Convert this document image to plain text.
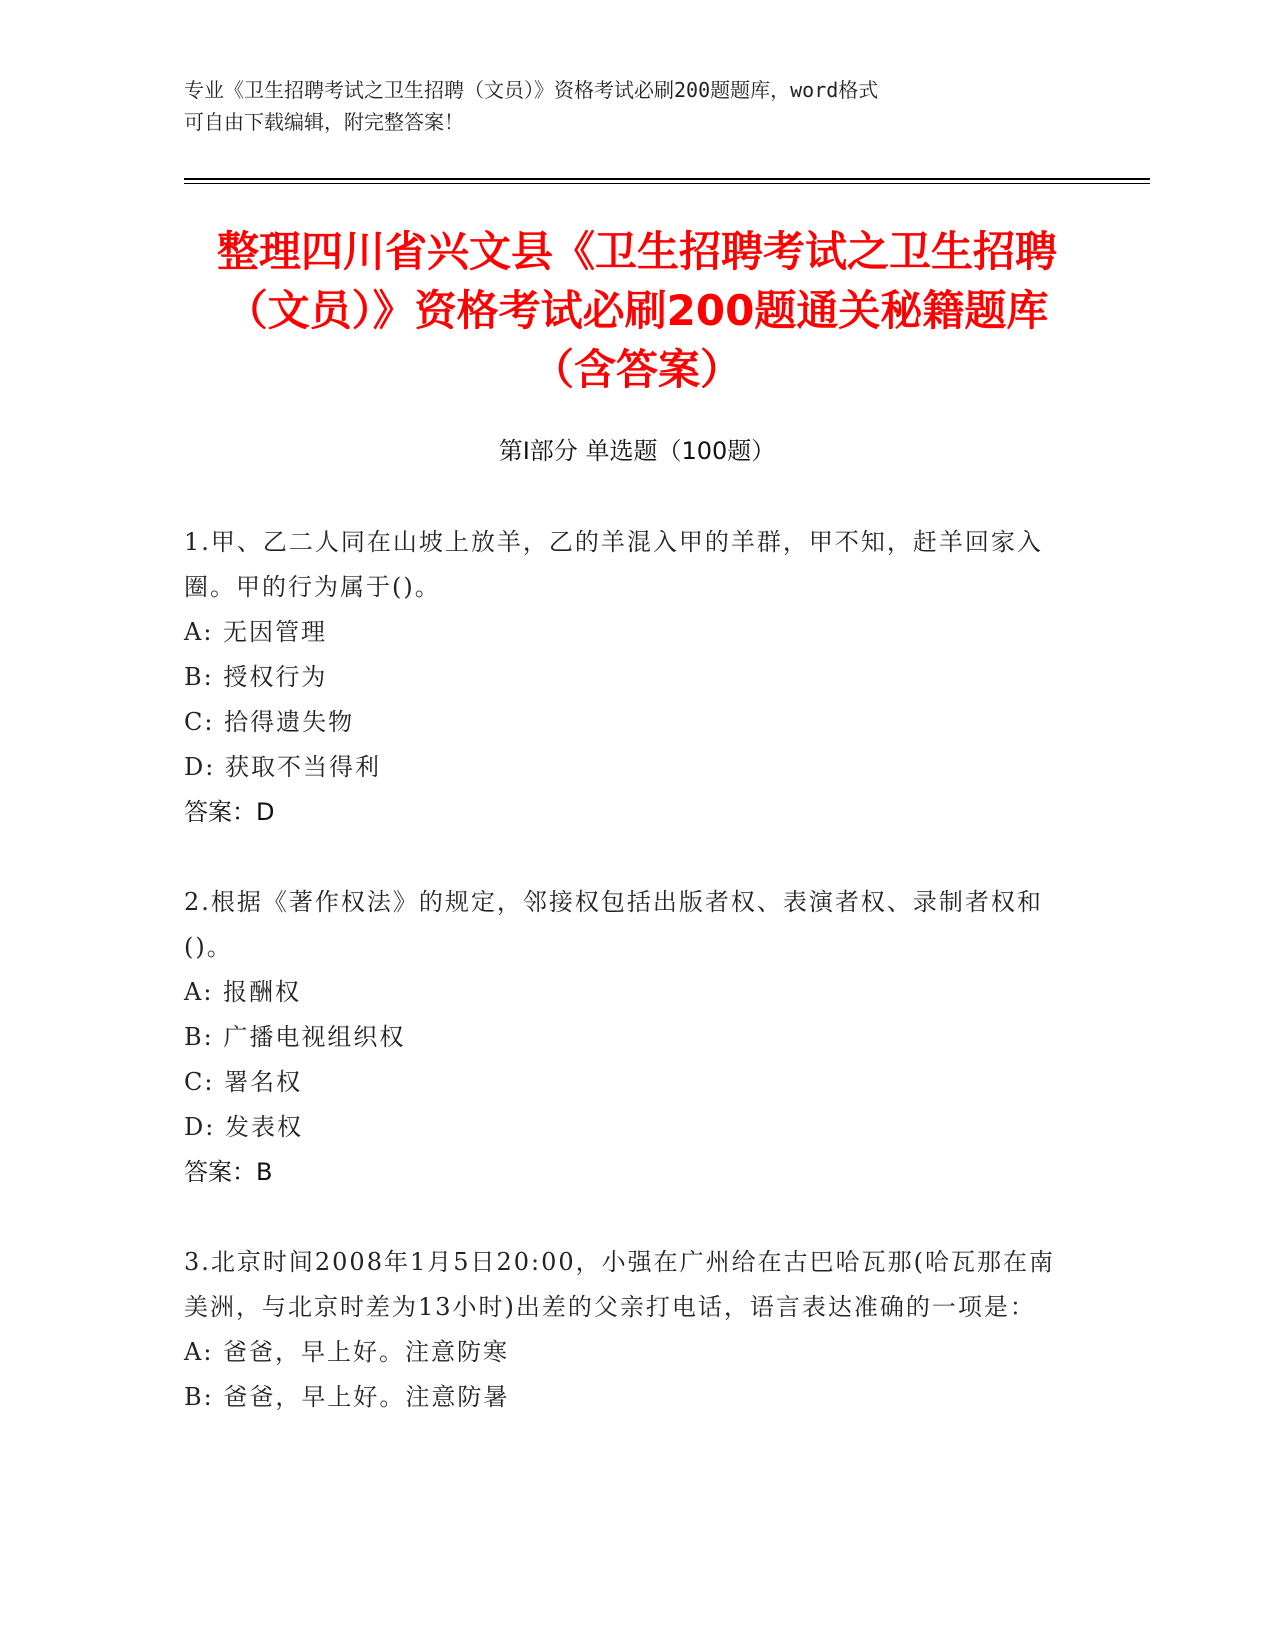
专业《卫生招聘考试之卫生招聘（文员）》资格考试必刷200题题库，word格式
可自由下载编辑，附完整答案！
整理四川省兴文县《卫生招聘考试之卫生招聘（文员）》资格考试必刷200题通关秘籍题库（含答案）
第I部分 单选题（100题）
1.甲、乙二人同在山坡上放羊，乙的羊混入甲的羊群，甲不知，赶羊回家入圈。甲的行为属于()。
A: 无因管理
B: 授权行为
C: 拾得遗失物
D: 获取不当得利
答案：D
2.根据《著作权法》的规定，邻接权包括出版者权、表演者权、录制者权和()。
A: 报酬权
B: 广播电视组织权
C: 署名权
D: 发表权
答案：B
3.北京时间2008年1月5日20:00，小强在广州给在古巴哈瓦那(哈瓦那在南美洲，与北京时差为13小时)出差的父亲打电话，语言表达准确的一项是：
A: 爸爸，早上好。注意防寒
B: 爸爸，早上好。注意防暑
